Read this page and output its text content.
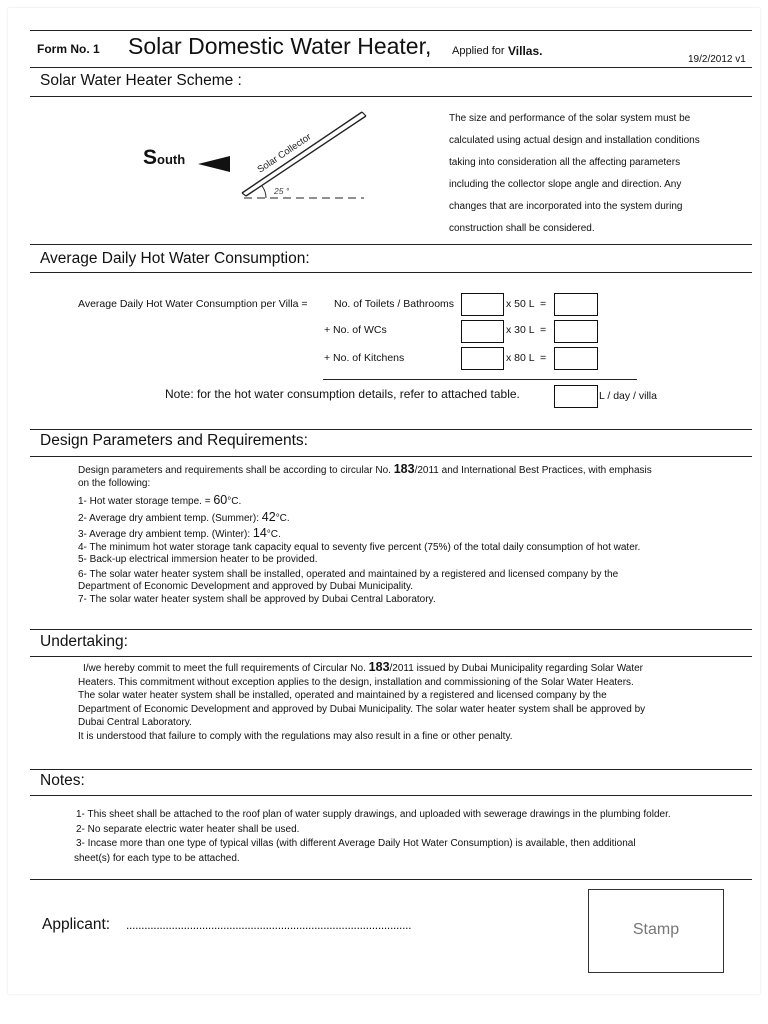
Form No. 1 Solar Domestic Water Heater, Applied for Villas.
19/2/2012 v1
Solar Water Heater Scheme :
South	Solar Collector
25 °
The size and performance of the solar system must be
calculated using actual design and installation conditions
taking into consideration all the affecting parameters
including the collector slope angle and direction. Any
changes that are incorporated into the system during
construction shall be considered.
Average Daily Hot Water Consumption:
Average Daily Hot Water Consumption per Villa =	No. of Toilets / Bathrooms	x 50 L  =
+ No. of WCs	x 30 L  =
+ No. of Kitchens	x 80 L  =
Note: for the hot water consumption details, refer to attached table.	L / day / villa
Design Parameters and Requirements:
Design parameters and requirements shall be according to circular No. 183/2011 and International Best Practices, with emphasis
on the following:
1- Hot water storage tempe. = 60°C.
2- Average dry ambient temp. (Summer): 42°C.
3- Average dry ambient temp. (Winter): 14°C.
4- The minimum hot water storage tank capacity equal to seventy five percent (75%) of the total daily consumption of hot water.
5- Back-up electrical immersion heater to be provided.
6- The solar water heater system shall be installed, operated and maintained by a registered and licensed company by the
Department of Economic Development and approved by Dubai Municipality.
7- The solar water heater system shall be approved by Dubai Central Laboratory.
Undertaking:
I/we hereby commit to meet the full requirements of Circular No. 183/2011 issued by Dubai Municipality regarding Solar Water
Heaters. This commitment without exception applies to the design, installation and commissioning of the Solar Water Heaters.
The solar water heater system shall be installed, operated and maintained by a registered and licensed company by the
Department of Economic Development and approved by Dubai Municipality. The solar water heater system shall be approved by
Dubai Central Laboratory.
It is understood that failure to comply with the regulations may also result in a fine or other penalty.
Notes:
1- This sheet shall be attached to the roof plan of water supply drawings, and uploaded with sewerage drawings in the plumbing folder.
2- No separate electric water heater shall be used.
3- Incase more than one type of typical villas (with different Average Daily Hot Water Consumption) is available, then additional
sheet(s) for each type to be attached.
Applicant: ..............................................................................................	Stamp
